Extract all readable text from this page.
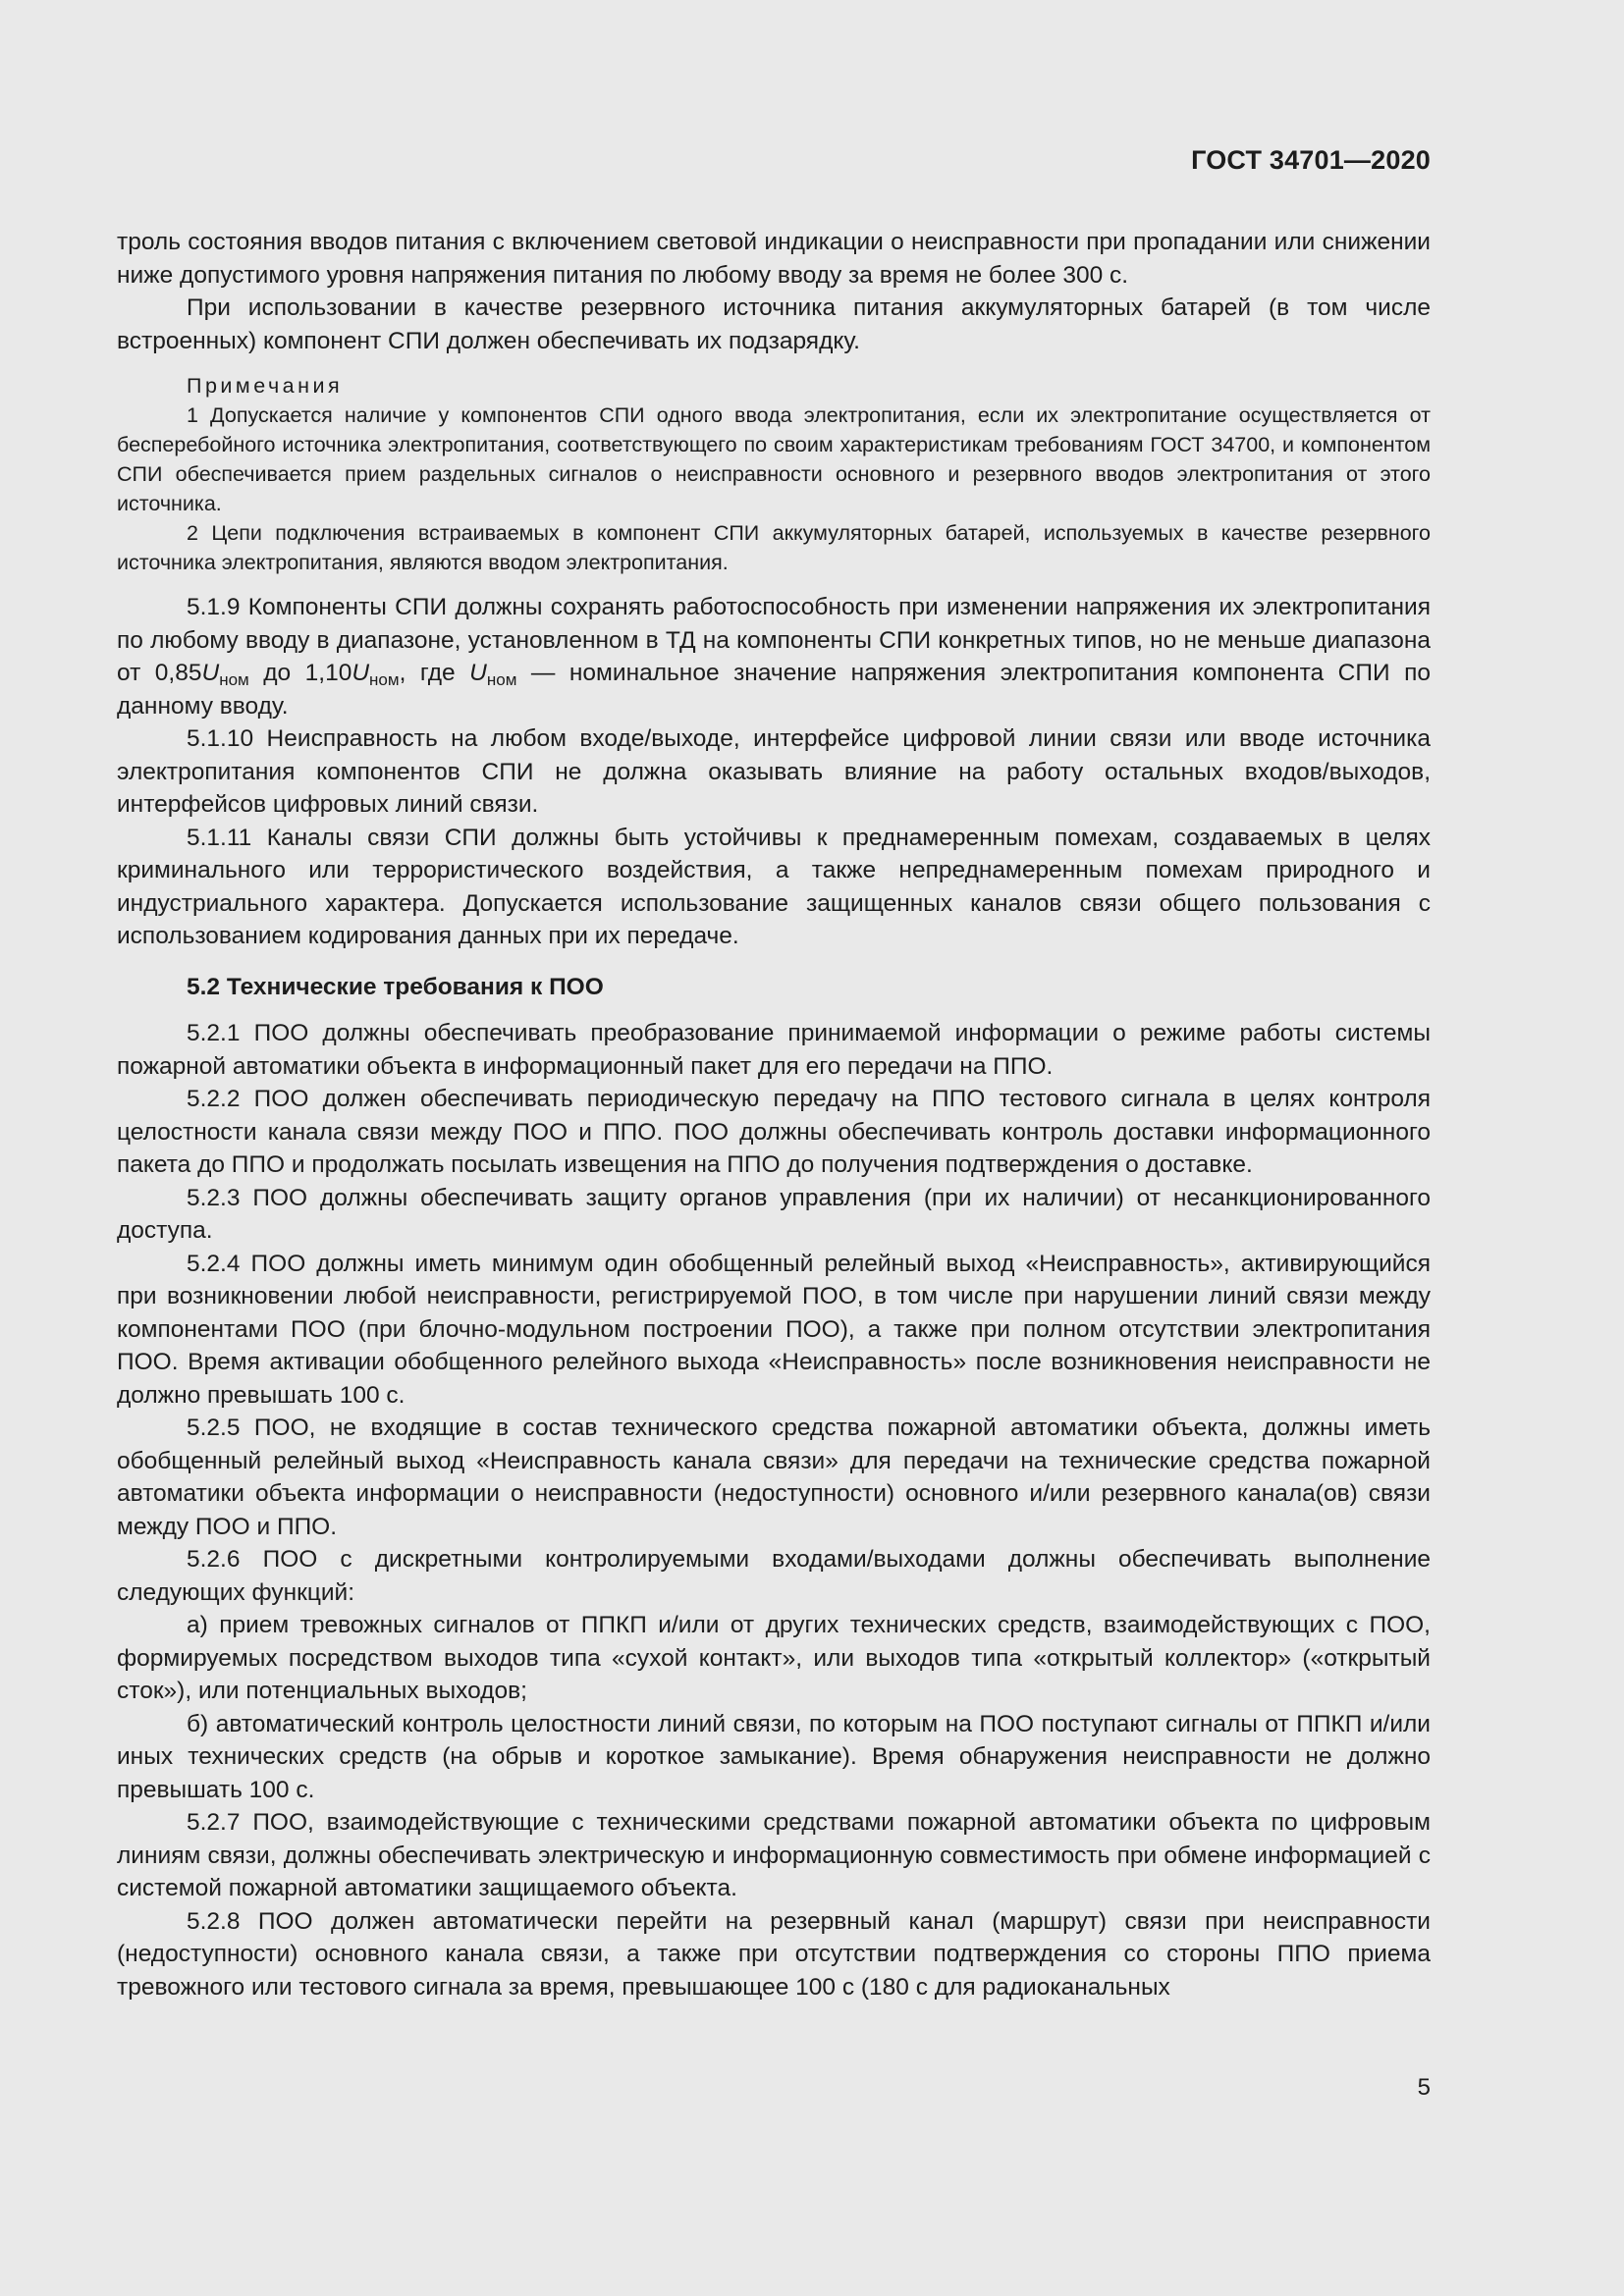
ГОСТ 34701—2020

троль состояния вводов питания с включением световой индикации о неисправности при пропадании или снижении ниже допустимого уровня напряжения питания по любому вводу за время не более 300 с.

При использовании в качестве резервного источника питания аккумуляторных батарей (в том числе встроенных) компонент СПИ должен обеспечивать их подзарядку.

Примечания

1 Допускается наличие у компонентов СПИ одного ввода электропитания, если их электропитание осуществляется от бесперебойного источника электропитания, соответствующего по своим характеристикам требованиям ГОСТ 34700, и компонентом СПИ обеспечивается прием раздельных сигналов о неисправности основного и резервного вводов электропитания от этого источника.

2 Цепи подключения встраиваемых в компонент СПИ аккумуляторных батарей, используемых в качестве резервного источника электропитания, являются вводом электропитания.

5.1.9 Компоненты СПИ должны сохранять работоспособность при изменении напряжения их электропитания по любому вводу в диапазоне, установленном в ТД на компоненты СПИ конкретных типов, но не меньше диапазона от $0,85U_{ном}$ до $1,10U_{ном}$, где $U_{ном}$ — номинальное значение напряжения электропитания компонента СПИ по данному вводу.

5.1.10 Неисправность на любом входе/выходе, интерфейсе цифровой линии связи или вводе источника электропитания компонентов СПИ не должна оказывать влияние на работу остальных входов/выходов, интерфейсов цифровых линий связи.

5.1.11 Каналы связи СПИ должны быть устойчивы к преднамеренным помехам, создаваемых в целях криминального или террористического воздействия, а также непреднамеренным помехам природного и индустриального характера. Допускается использование защищенных каналов связи общего пользования с использованием кодирования данных при их передаче.

5.2 Технические требования к ПОО

5.2.1 ПОО должны обеспечивать преобразование принимаемой информации о режиме работы системы пожарной автоматики объекта в информационный пакет для его передачи на ППО.

5.2.2 ПОО должен обеспечивать периодическую передачу на ППО тестового сигнала в целях контроля целостности канала связи между ПОО и ППО. ПОО должны обеспечивать контроль доставки информационного пакета до ППО и продолжать посылать извещения на ППО до получения подтверждения о доставке.

5.2.3 ПОО должны обеспечивать защиту органов управления (при их наличии) от несанкционированного доступа.

5.2.4 ПОО должны иметь минимум один обобщенный релейный выход «Неисправность», активирующийся при возникновении любой неисправности, регистрируемой ПОО, в том числе при нарушении линий связи между компонентами ПОО (при блочно-модульном построении ПОО), а также при полном отсутствии электропитания ПОО. Время активации обобщенного релейного выхода «Неисправность» после возникновения неисправности не должно превышать 100 с.

5.2.5 ПОО, не входящие в состав технического средства пожарной автоматики объекта, должны иметь обобщенный релейный выход «Неисправность канала связи» для передачи на технические средства пожарной автоматики объекта информации о неисправности (недоступности) основного и/или резервного канала(ов) связи между ПОО и ППО.

5.2.6 ПОО с дискретными контролируемыми входами/выходами должны обеспечивать выполнение следующих функций:

а) прием тревожных сигналов от ППКП и/или от других технических средств, взаимодействующих с ПОО, формируемых посредством выходов типа «сухой контакт», или выходов типа «открытый коллектор» («открытый сток»), или потенциальных выходов;

б) автоматический контроль целостности линий связи, по которым на ПОО поступают сигналы от ППКП и/или иных технических средств (на обрыв и короткое замыкание). Время обнаружения неисправности не должно превышать 100 с.

5.2.7 ПОО, взаимодействующие с техническими средствами пожарной автоматики объекта по цифровым линиям связи, должны обеспечивать электрическую и информационную совместимость при обмене информацией с системой пожарной автоматики защищаемого объекта.

5.2.8 ПОО должен автоматически перейти на резервный канал (маршрут) связи при неисправности (недоступности) основного канала связи, а также при отсутствии подтверждения со стороны ППО приема тревожного или тестового сигнала за время, превышающее 100 с (180 с для радиоканальных

5
